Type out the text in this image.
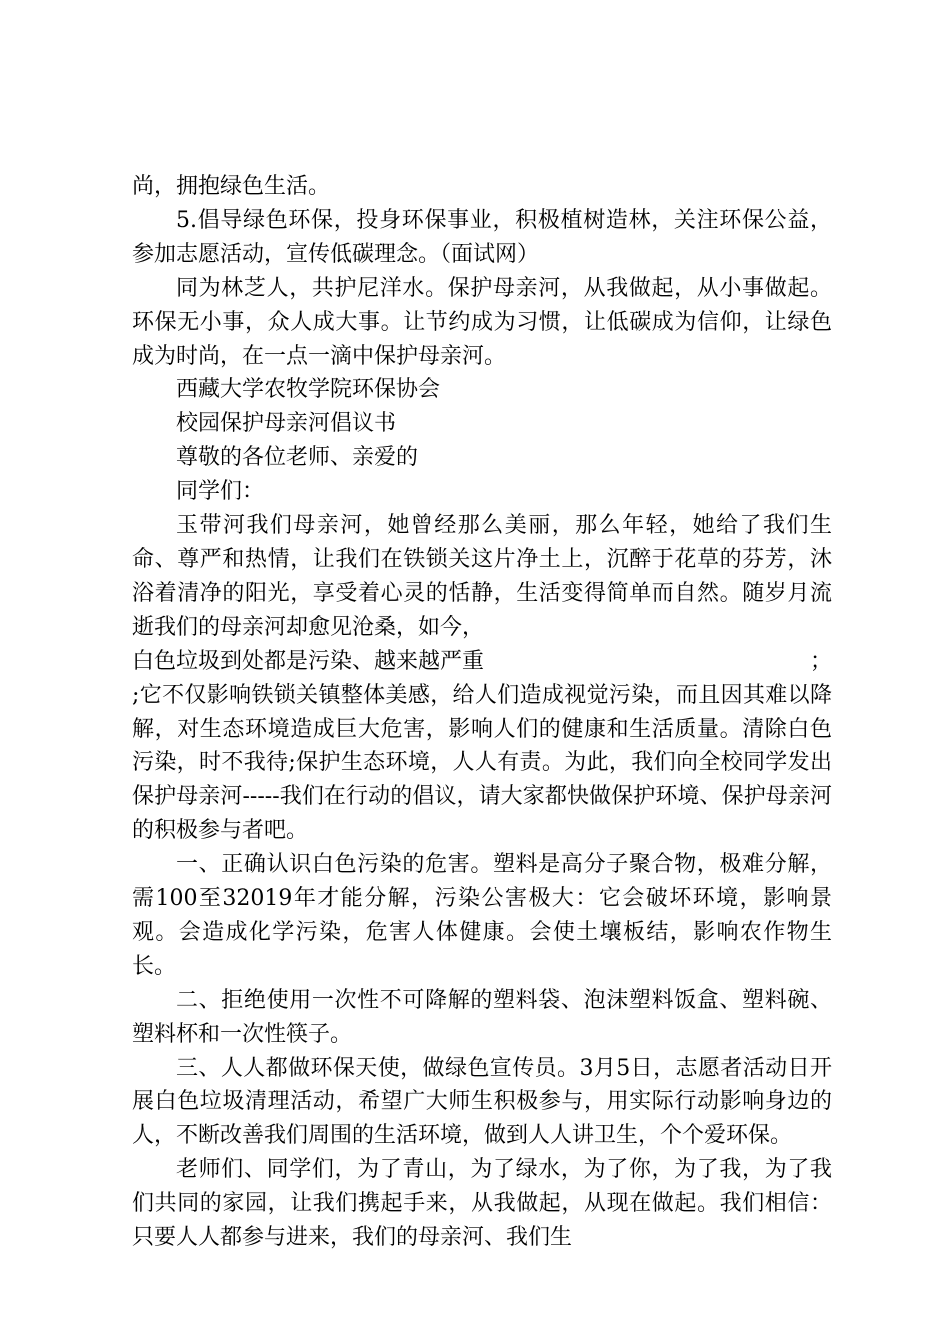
尚，拥抱绿色生活。

5.倡导绿色环保，投身环保事业，积极植树造林，关注环保公益，参加志愿活动，宣传低碳理念。（面试网）

同为林芝人，共护尼洋水。保护母亲河，从我做起，从小事做起。环保无小事，众人成大事。让节约成为习惯，让低碳成为信仰，让绿色成为时尚，在一点一滴中保护母亲河。

西藏大学农牧学院环保协会

校园保护母亲河倡议书

尊敬的各位老师、亲爱的

同学们：

玉带河我们母亲河，她曾经那么美丽，那么年轻，她给了我们生命、尊严和热情，让我们在铁锁关这片净土上，沉醉于花草的芬芳，沐浴着清净的阳光，享受着心灵的恬静，生活变得简单而自然。随岁月流逝我们的母亲河却愈见沧桑，如今，

白色垃圾到处都是污染、越来越严重	；

;它不仅影响铁锁关镇整体美感，给人们造成视觉污染，而且因其难以降解，对生态环境造成巨大危害，影响人们的健康和生活质量。清除白色污染，时不我待;保护生态环境，人人有责。为此，我们向全校同学发出保护母亲河-----我们在行动的倡议，请大家都快做保护环境、保护母亲河的积极参与者吧。

一、正确认识白色污染的危害。塑料是高分子聚合物，极难分解，需100至32019年才能分解，污染公害极大：它会破坏环境，影响景观。会造成化学污染，危害人体健康。会使土壤板结，影响农作物生长。

二、拒绝使用一次性不可降解的塑料袋、泡沫塑料饭盒、塑料碗、塑料杯和一次性筷子。

三、人人都做环保天使，做绿色宣传员。3月5日，志愿者活动日开展白色垃圾清理活动，希望广大师生积极参与，用实际行动影响身边的人，不断改善我们周围的生活环境，做到人人讲卫生，个个爱环保。

老师们、同学们，为了青山，为了绿水，为了你，为了我，为了我们共同的家园，让我们携起手来，从我做起，从现在做起。我们相信：只要人人都参与进来，我们的母亲河、我们生
